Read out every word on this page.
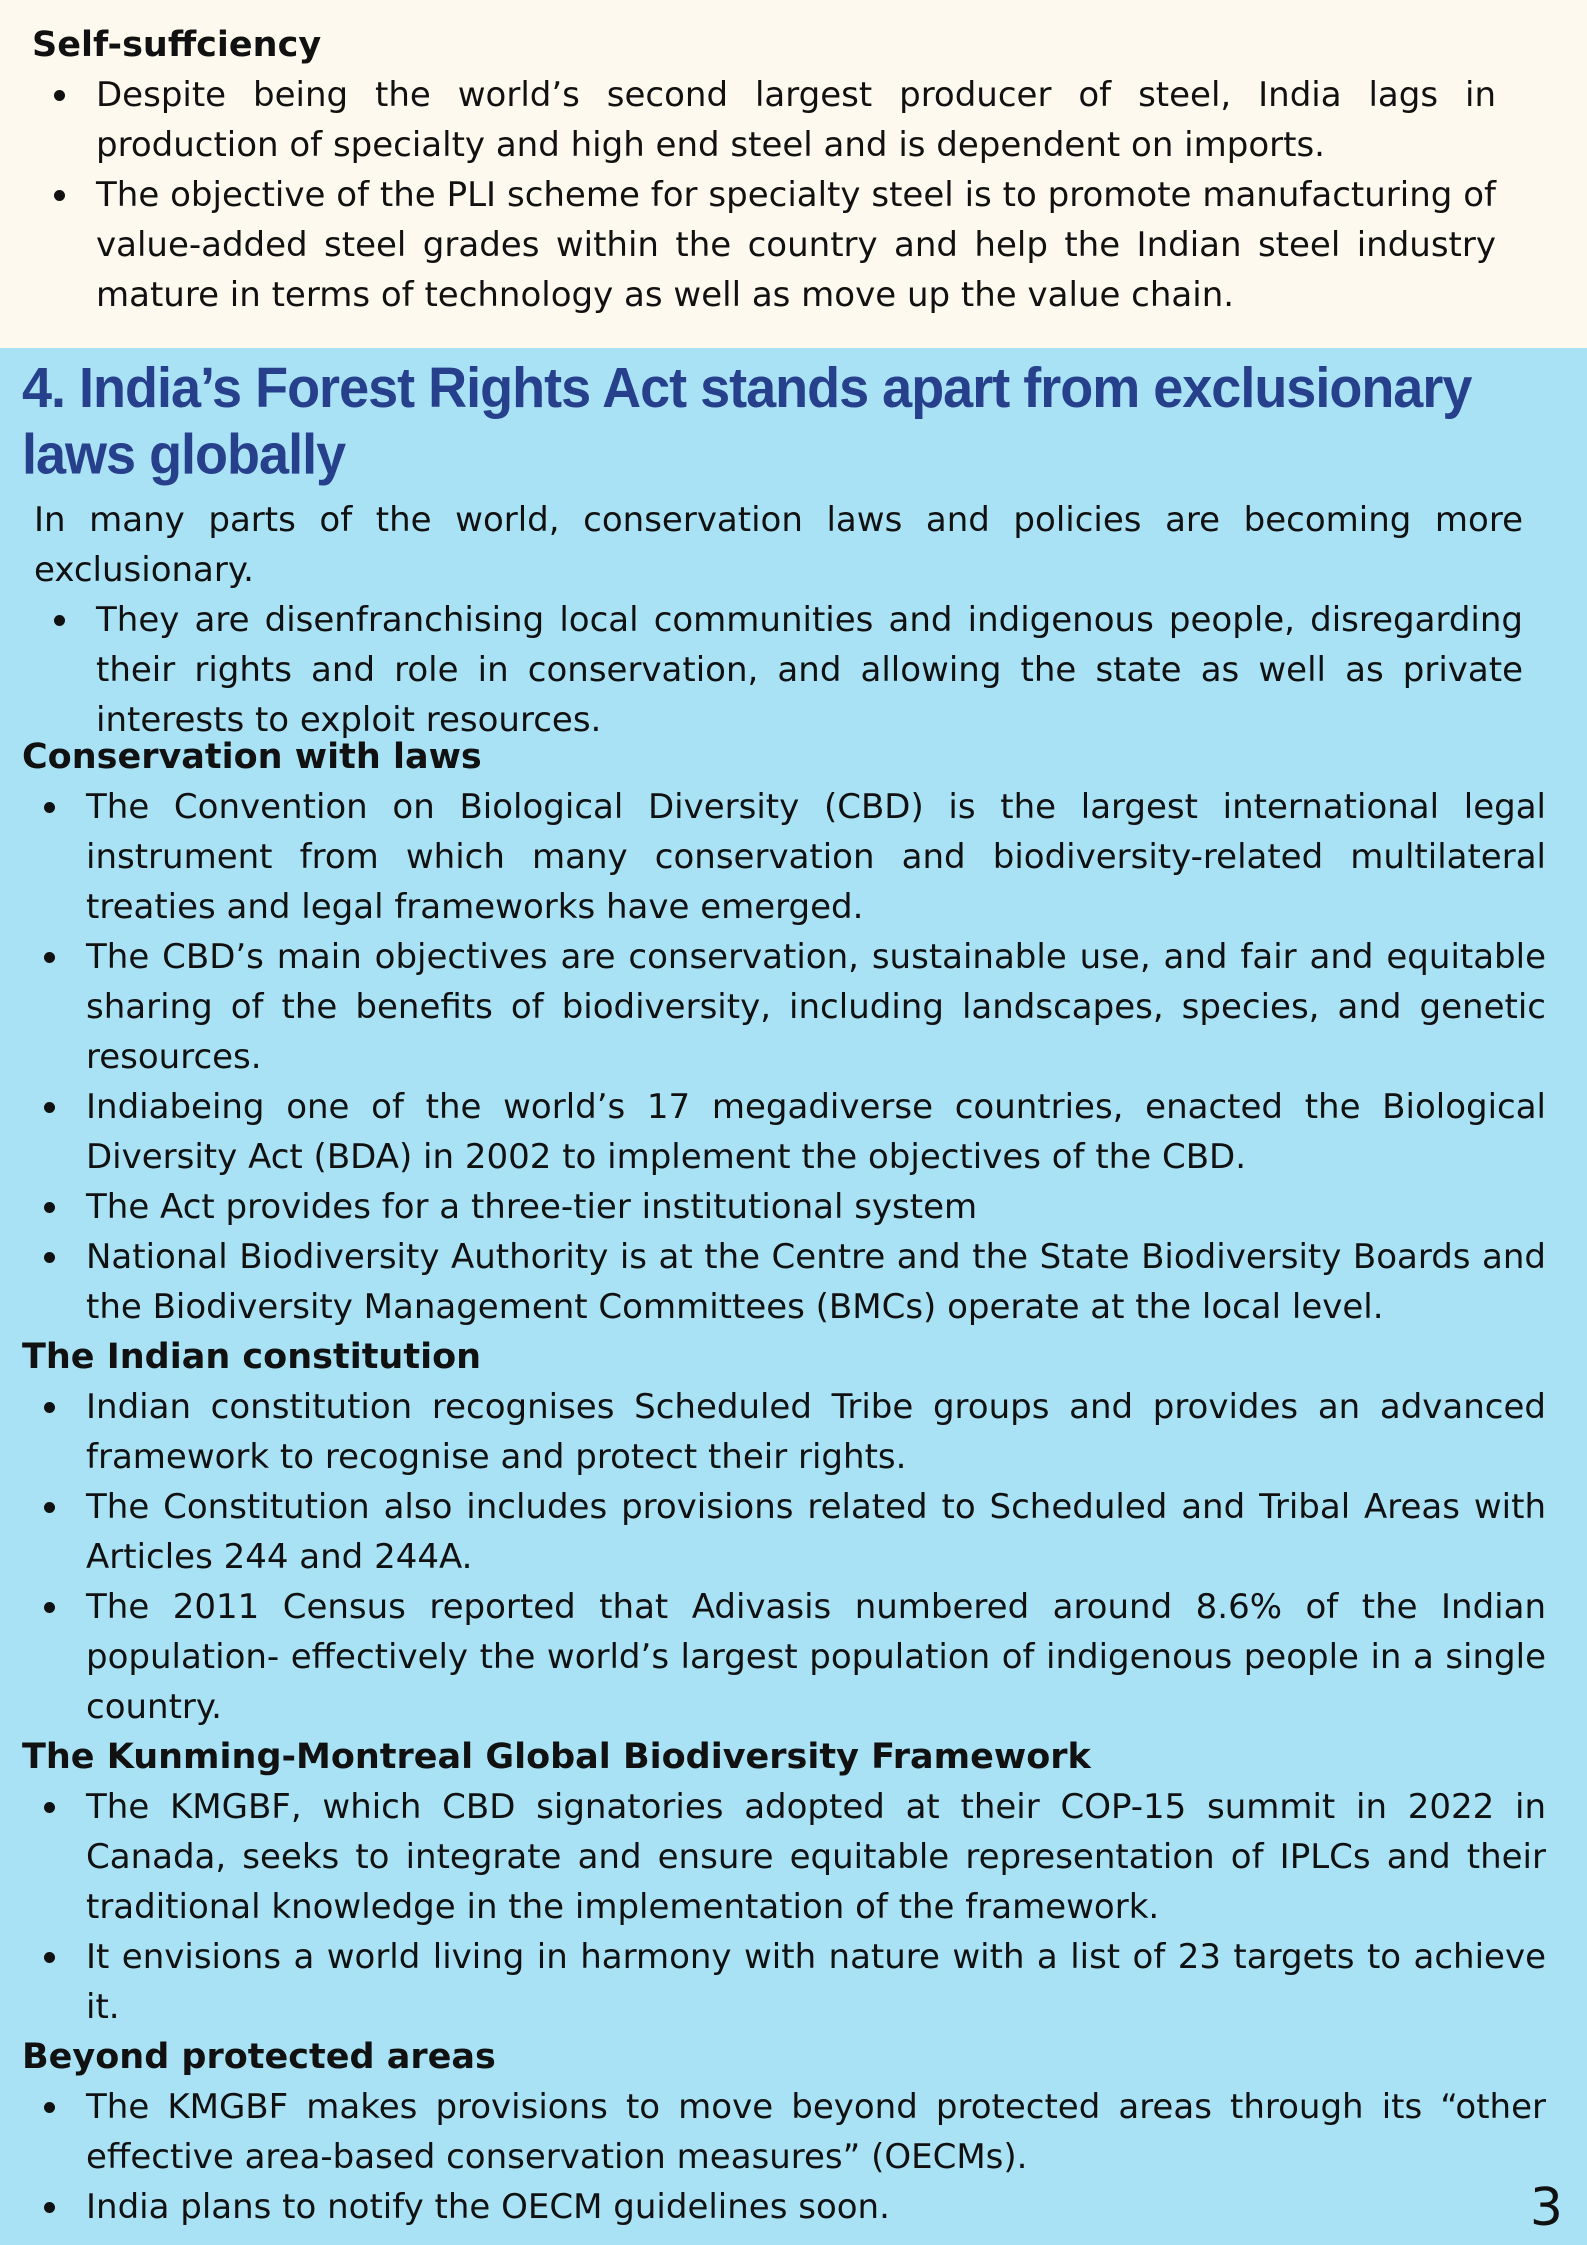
Self-suffciency
Despite being the world’s second largest producer of steel, India lags in production of specialty and high end steel and is dependent on imports.
The objective of the PLI scheme for specialty steel is to promote manufacturing of value-added steel grades within the country and help the Indian steel industry mature in terms of technology as well as move up the value chain.
4. India’s Forest Rights Act stands apart from exclusionary laws globally

In many parts of the world, conservation laws and policies are becoming more exclusionary.

They are disenfranchising local communities and indigenous people, disregarding their rights and role in conservation, and allowing the state as well as private interests to exploit resources.
Conservation with laws
The Convention on Biological Diversity (CBD) is the largest international legal instrument from which many conservation and biodiversity-related multilateral treaties and legal frameworks have emerged.
The CBD’s main objectives are conservation, sustainable use, and fair and equitable sharing of the benefits of biodiversity, including landscapes, species, and genetic resources.
Indiabeing one of the world’s 17 megadiverse countries, enacted the Biological Diversity Act (BDA) in 2002 to implement the objectives of the CBD.
The Act provides for a three-tier institutional system
National Biodiversity Authority is at the Centre and the State Biodiversity Boards and the Biodiversity Management Committees (BMCs) operate at the local level.
The Indian constitution
Indian constitution recognises Scheduled Tribe groups and provides an advanced framework to recognise and protect their rights.
The Constitution also includes provisions related to Scheduled and Tribal Areas with Articles 244 and 244A.
The 2011 Census reported that Adivasis numbered around 8.6% of the Indian population- effectively the world’s largest population of indigenous people in a single country.
The Kunming-Montreal Global Biodiversity Framework
The KMGBF, which CBD signatories adopted at their COP-15 summit in 2022 in Canada, seeks to integrate and ensure equitable representation of IPLCs and their traditional knowledge in the implementation of the framework.
It envisions a world living in harmony with nature with a list of 23 targets to achieve it.
Beyond protected areas
The KMGBF makes provisions to move beyond protected areas through its “other effective area-based conservation measures” (OECMs).
India plans to notify the OECM guidelines soon.	3
